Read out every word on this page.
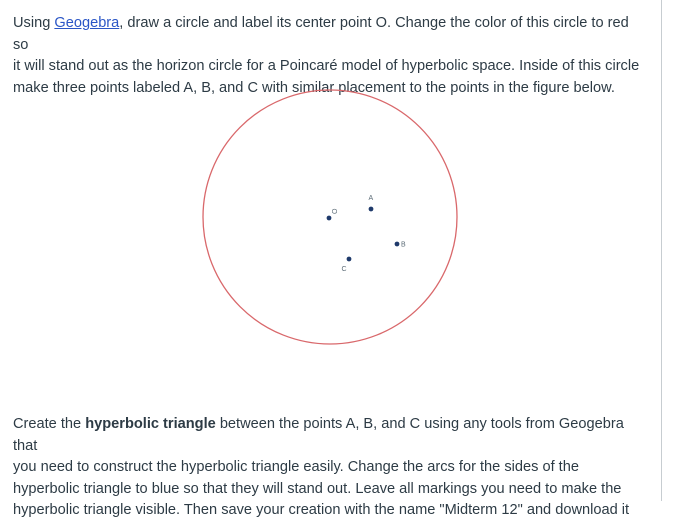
Using Geogebra, draw a circle and label its center point O. Change the color of this circle to red so
it will stand out as the horizon circle for a Poincaré model of hyperbolic space. Inside of this circle
make three points labeled A, B, and C with similar placement to the points in the figure below.

O
A
B
C

Create the hyperbolic triangle between the points A, B, and C using any tools from Geogebra that
you need to construct the hyperbolic triangle easily. Change the arcs for the sides of the
hyperbolic triangle to blue so that they will stand out. Leave all markings you need to make the
hyperbolic triangle visible. Then save your creation with the name "Midterm 12" and download it
